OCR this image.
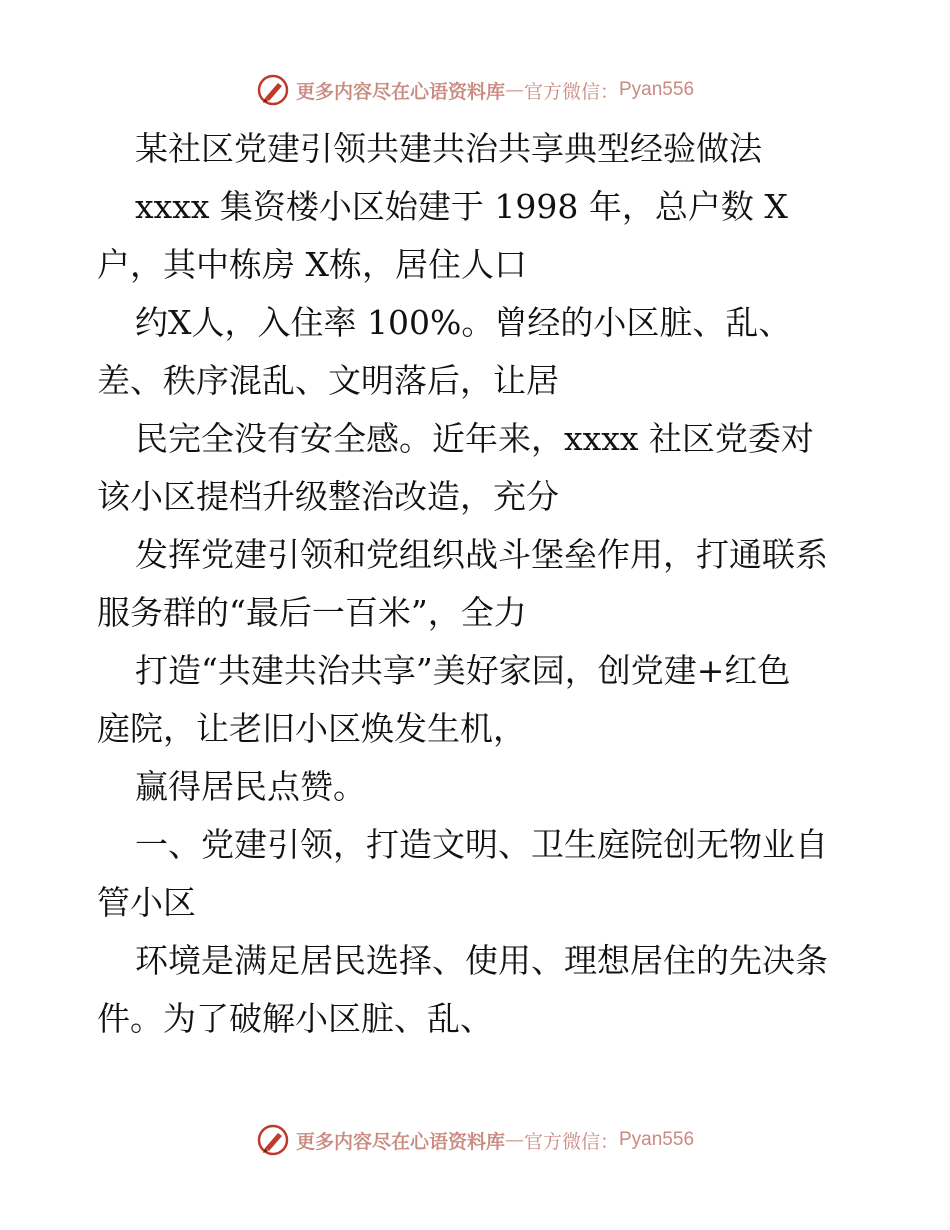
更多内容尽在心语资料库 — 官方微信： Pyan556
某社区党建引领共建共治共享典型经验做法
xxxx 集资楼小区始建于 1998 年，总户数 X
户，其中栋房 X栋，居住人口
约X人，入住率 100%。曾经的小区脏、乱、
差、秩序混乱、文明落后，让居
民完全没有安全感。近年来，xxxx 社区党委对
该小区提档升级整治改造，充分
发挥党建引领和党组织战斗堡垒作用，打通联系
服务群的“最后一百米”，全力
打造“共建共治共享”美好家园，创党建+红色
庭院，让老旧小区焕发生机，
赢得居民点赞。
一、党建引领，打造文明、卫生庭院创无物业自
管小区
环境是满足居民选择、使用、理想居住的先决条
件。为了破解小区脏、乱、
更多内容尽在心语资料库 — 官方微信： Pyan556
